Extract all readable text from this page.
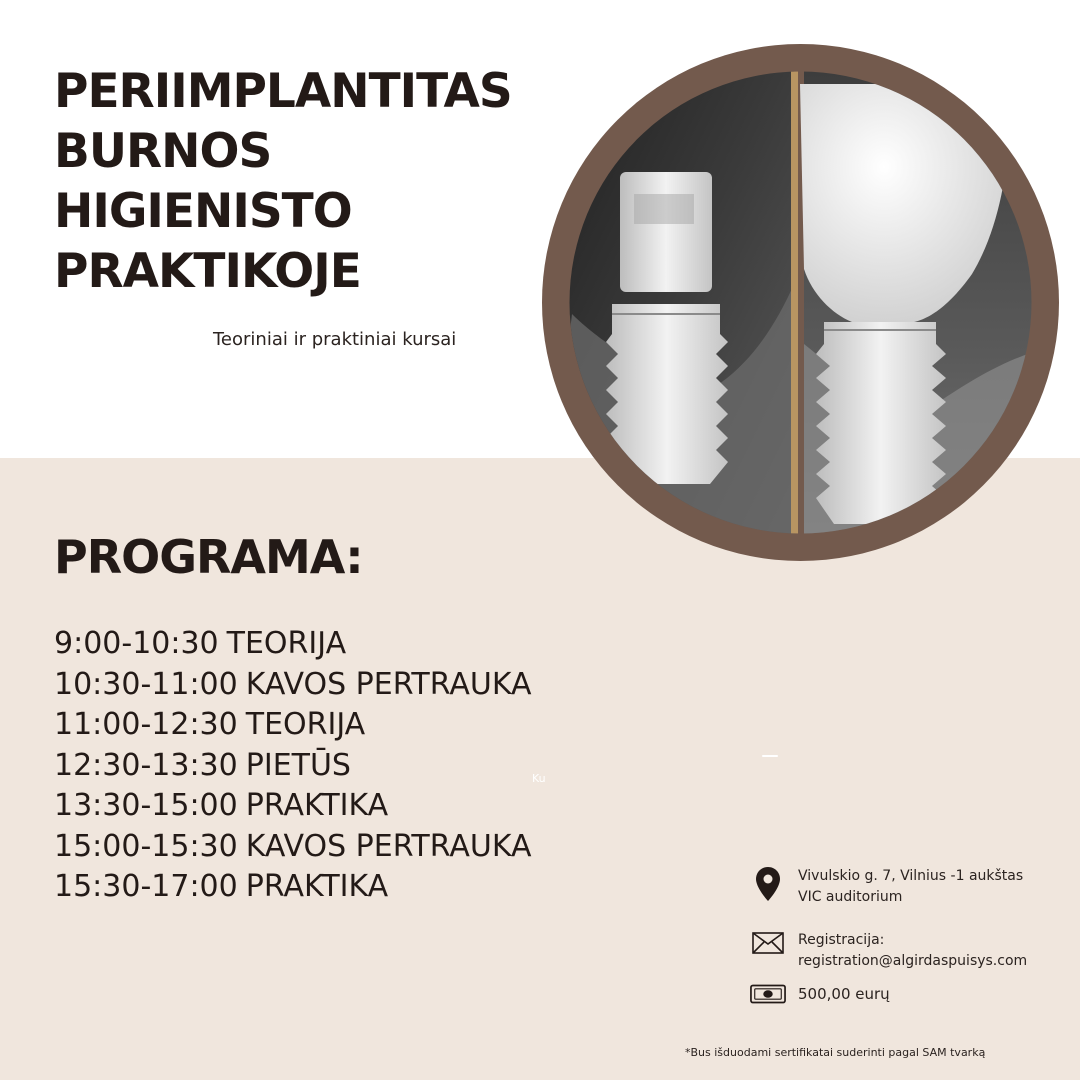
PERIIMPLANTITAS
BURNOS
HIGIENISTO
PRAKTIKOJE
Teoriniai ir praktiniai kursai
PROGRAMA:
9:00-10:30 TEORIJA
10:30-11:00 KAVOS PERTRAUKA
11:00-12:30 TEORIJA
12:30-13:30 PIETŪS
13:30-15:00 PRAKTIKA
15:00-15:30 KAVOS PERTRAUKA
15:30-17:00 PRAKTIKA
Ku
Vivulskio g. 7, Vilnius -1 aukštas
VIC auditorium
Registracija:
registration@algirdaspuisys.com
500,00 eurų
*Bus išduodami sertifikatai suderinti pagal SAM tvarką
